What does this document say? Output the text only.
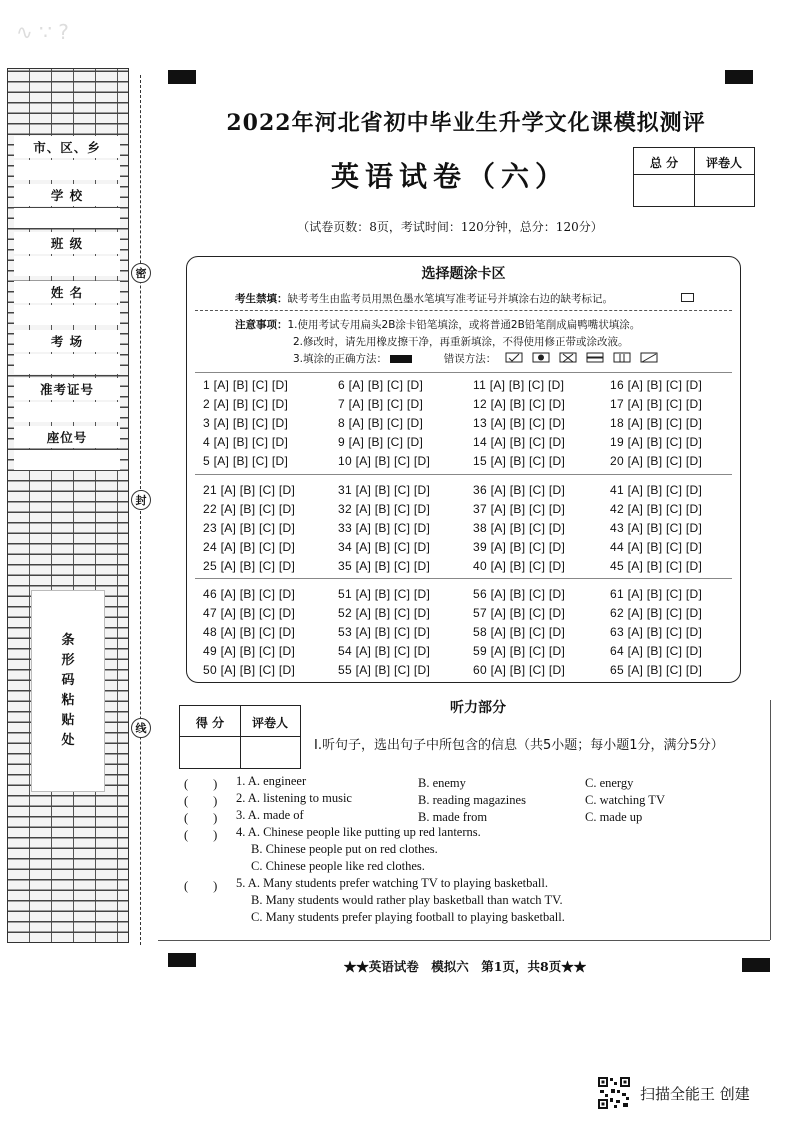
∿ ∵ ?
市、区、乡
学 校
班 级
姓 名
考 场
准考证号
座位号
条
形
码
粘
贴
处
密
封
线
2022年河北省初中毕业生升学文化课模拟测评
英语试卷（六）
（试卷页数：8页，考试时间：120分钟，总分：120分）
总 分	评卷人
选择题涂卡区
考生禁填：缺考考生由监考员用黑色墨水笔填写准考证号并填涂右边的缺考标记。
注意事项：1.使用考试专用扁头2B涂卡铅笔填涂，或将普通2B铅笔削成扁鸭嘴状填涂。
2.修改时，请先用橡皮擦干净，再重新填涂，不得使用修正带或涂改液。
3.填涂的正确方法：	错误方法：
1 [A] [B] [C] [D]	6 [A] [B] [C] [D]	11 [A] [B] [C] [D]	16 [A] [B] [C] [D]
2 [A] [B] [C] [D]	7 [A] [B] [C] [D]	12 [A] [B] [C] [D]	17 [A] [B] [C] [D]
3 [A] [B] [C] [D]	8 [A] [B] [C] [D]	13 [A] [B] [C] [D]	18 [A] [B] [C] [D]
4 [A] [B] [C] [D]	9 [A] [B] [C] [D]	14 [A] [B] [C] [D]	19 [A] [B] [C] [D]
5 [A] [B] [C] [D]	10 [A] [B] [C] [D]	15 [A] [B] [C] [D]	20 [A] [B] [C] [D]
21 [A] [B] [C] [D]	31 [A] [B] [C] [D]	36 [A] [B] [C] [D]	41 [A] [B] [C] [D]
22 [A] [B] [C] [D]	32 [A] [B] [C] [D]	37 [A] [B] [C] [D]	42 [A] [B] [C] [D]
23 [A] [B] [C] [D]	33 [A] [B] [C] [D]	38 [A] [B] [C] [D]	43 [A] [B] [C] [D]
24 [A] [B] [C] [D]	34 [A] [B] [C] [D]	39 [A] [B] [C] [D]	44 [A] [B] [C] [D]
25 [A] [B] [C] [D]	35 [A] [B] [C] [D]	40 [A] [B] [C] [D]	45 [A] [B] [C] [D]
46 [A] [B] [C] [D]	51 [A] [B] [C] [D]	56 [A] [B] [C] [D]	61 [A] [B] [C] [D]
47 [A] [B] [C] [D]	52 [A] [B] [C] [D]	57 [A] [B] [C] [D]	62 [A] [B] [C] [D]
48 [A] [B] [C] [D]	53 [A] [B] [C] [D]	58 [A] [B] [C] [D]	63 [A] [B] [C] [D]
49 [A] [B] [C] [D]	54 [A] [B] [C] [D]	59 [A] [B] [C] [D]	64 [A] [B] [C] [D]
50 [A] [B] [C] [D]	55 [A] [B] [C] [D]	60 [A] [B] [C] [D]	65 [A] [B] [C] [D]
听力部分
得 分	评卷人
Ⅰ.听句子，选出句子中所包含的信息（共5小题；每小题1分，满分5分）
(　　) 1. A. engineer	B. enemy	C. energy
(　　) 2. A. listening to music	B. reading magazines	C. watching TV
(　　) 3. A. made of	B. made from	C. made up
(　　) 4. A. Chinese people like putting up red lanterns.
B. Chinese people put on red clothes.
C. Chinese people like red clothes.
(　　) 5. A. Many students prefer watching TV to playing basketball.
B. Many students would rather play basketball than watch TV.
C. Many students prefer playing football to playing basketball.
★★英语试卷　模拟六　第1页，共8页★★
扫描全能王 创建
